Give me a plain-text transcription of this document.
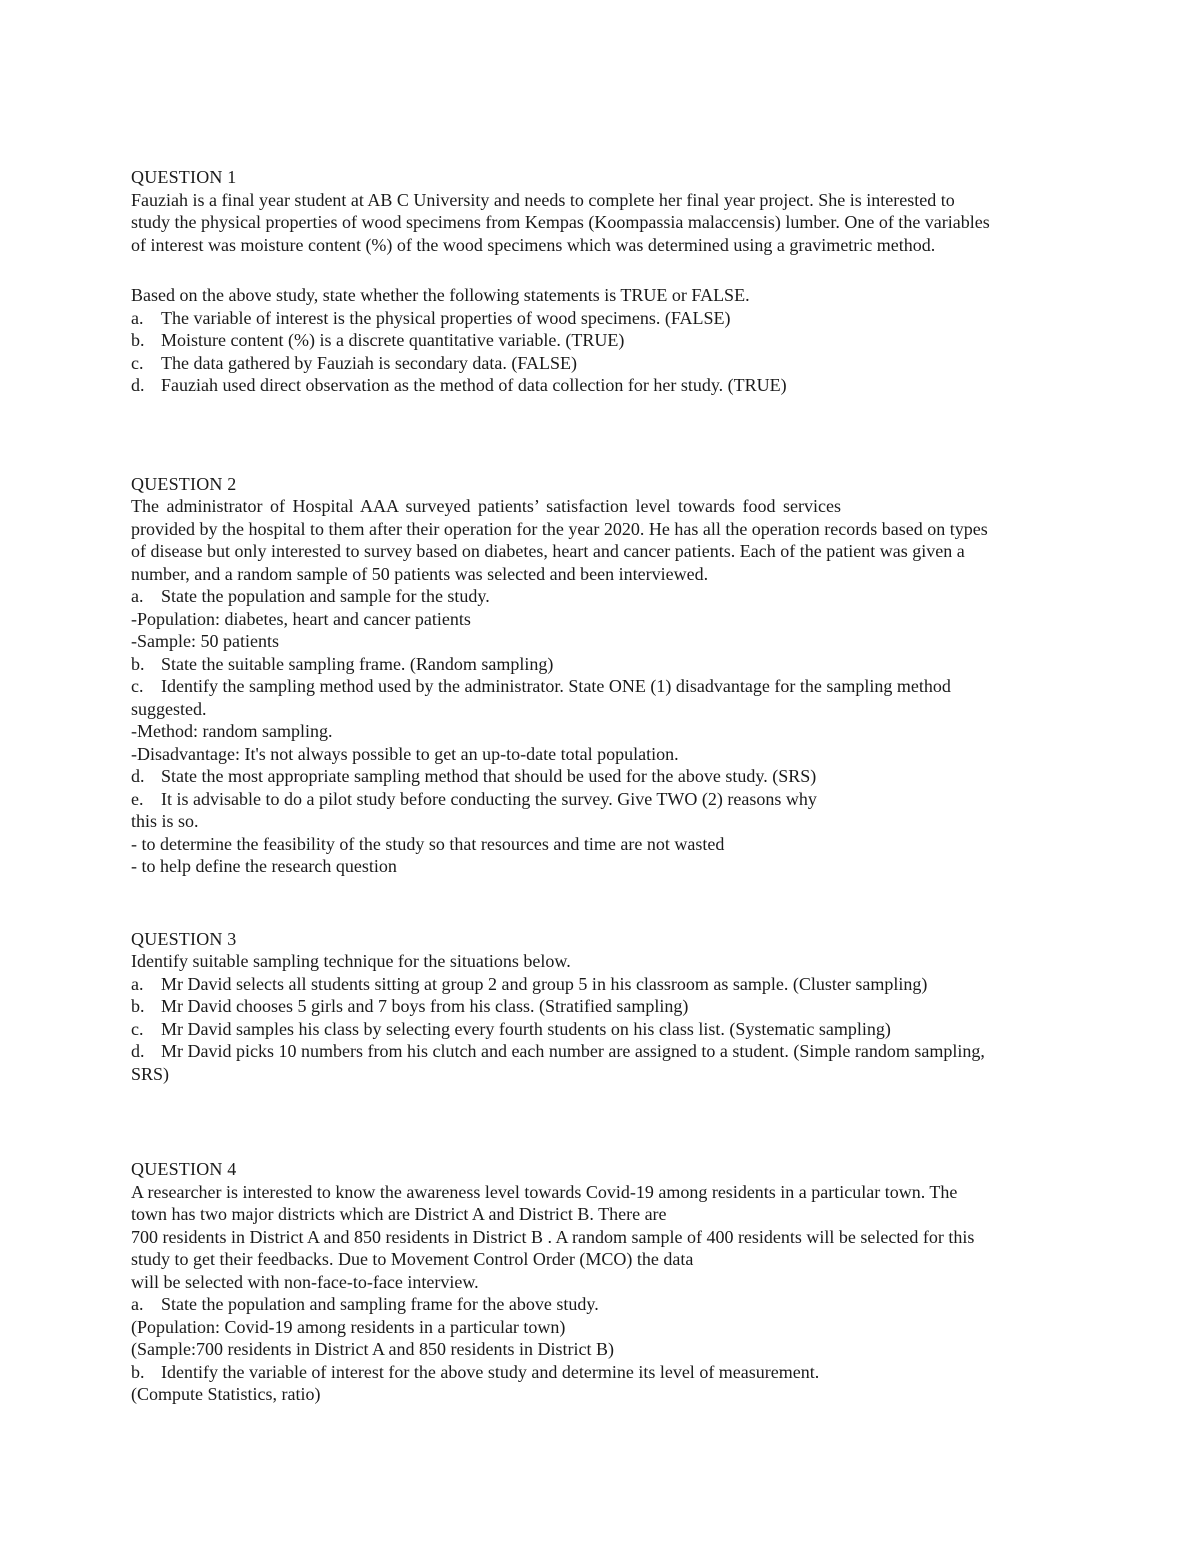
QUESTION 1

Fauziah is a final year student at AB C University and needs to complete her final year project. She is interested to

study the physical properties of wood specimens from Kempas (Koompassia malaccensis) lumber. One of the variables

of interest was moisture content (%) of the wood specimens which was determined using a gravimetric method.

Based on the above study, state whether the following statements is TRUE or FALSE.

a. The variable of interest is the physical properties of wood specimens. (FALSE)

b. Moisture content (%) is a discrete quantitative variable. (TRUE)

c. The data gathered by Fauziah is secondary data. (FALSE)

d. Fauziah used direct observation as the method of data collection for her study. (TRUE)

QUESTION 2

The administrator of Hospital AAA surveyed patients’ satisfaction level towards food services

provided by the hospital to them after their operation for the year 2020. He has all the operation records based on types

of disease but only interested to survey based on diabetes, heart and cancer patients. Each of the patient was given a

number, and a random sample of 50 patients was selected and been interviewed.

a. State the population and sample for the study.

-Population: diabetes, heart and cancer patients

-Sample: 50 patients

b. State the suitable sampling frame. (Random sampling)

c. Identify the sampling method used by the administrator. State ONE (1) disadvantage for the sampling method

suggested.

-Method: random sampling.

-Disadvantage: It's not always possible to get an up-to-date total population.

d. State the most appropriate sampling method that should be used for the above study. (SRS)

e. It is advisable to do a pilot study before conducting the survey. Give TWO (2) reasons why

this is so.

- to determine the feasibility of the study so that resources and time are not wasted

- to help define the research question

QUESTION 3

Identify suitable sampling technique for the situations below.

a. Mr David selects all students sitting at group 2 and group 5 in his classroom as sample. (Cluster sampling)

b. Mr David chooses 5 girls and 7 boys from his class. (Stratified sampling)

c. Mr David samples his class by selecting every fourth students on his class list. (Systematic sampling)

d. Mr David picks 10 numbers from his clutch and each number are assigned to a student. (Simple random sampling,

SRS)

QUESTION 4

A researcher is interested to know the awareness level towards Covid-19 among residents in a particular town. The

town has two major districts which are District A and District B. There are

700 residents in District A and 850 residents in District B . A random sample of 400 residents will be selected for this

study to get their feedbacks. Due to Movement Control Order (MCO) the data

will be selected with non-face-to-face interview.

a. State the population and sampling frame for the above study.

(Population: Covid-19 among residents in a particular town)

(Sample:700 residents in District A and 850 residents in District B)

b. Identify the variable of interest for the above study and determine its level of measurement.

(Compute Statistics, ratio)
